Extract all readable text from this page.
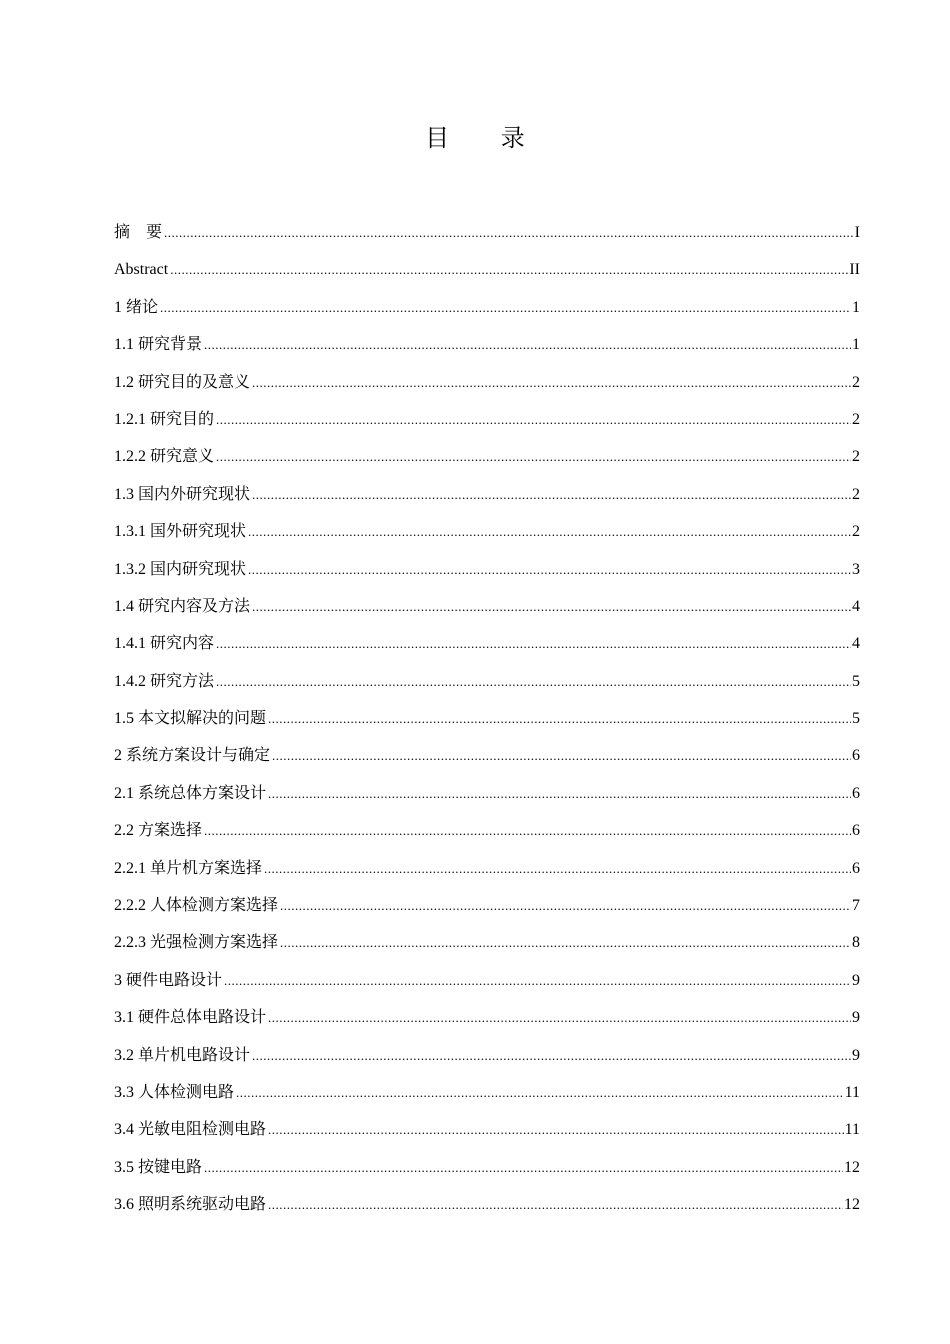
目 录
摘　要 .....	I
Abstract .....	II
1 绪论 .....	1
1.1 研究背景 .....	1
1.2 研究目的及意义 .....	2
1.2.1 研究目的 .....	2
1.2.2 研究意义 .....	2
1.3 国内外研究现状 .....	2
1.3.1 国外研究现状 .....	2
1.3.2 国内研究现状 .....	3
1.4 研究内容及方法 .....	4
1.4.1 研究内容 .....	4
1.4.2 研究方法 .....	5
1.5 本文拟解决的问题 .....	5
2 系统方案设计与确定 .....	6
2.1 系统总体方案设计 .....	6
2.2 方案选择 .....	6
2.2.1 单片机方案选择 .....	6
2.2.2 人体检测方案选择 .....	7
2.2.3 光强检测方案选择 .....	8
3 硬件电路设计 .....	9
3.1 硬件总体电路设计 .....	9
3.2 单片机电路设计 .....	9
3.3 人体检测电路 .....	11
3.4 光敏电阻检测电路 .....	11
3.5 按键电路 .....	12
3.6 照明系统驱动电路 .....	12
